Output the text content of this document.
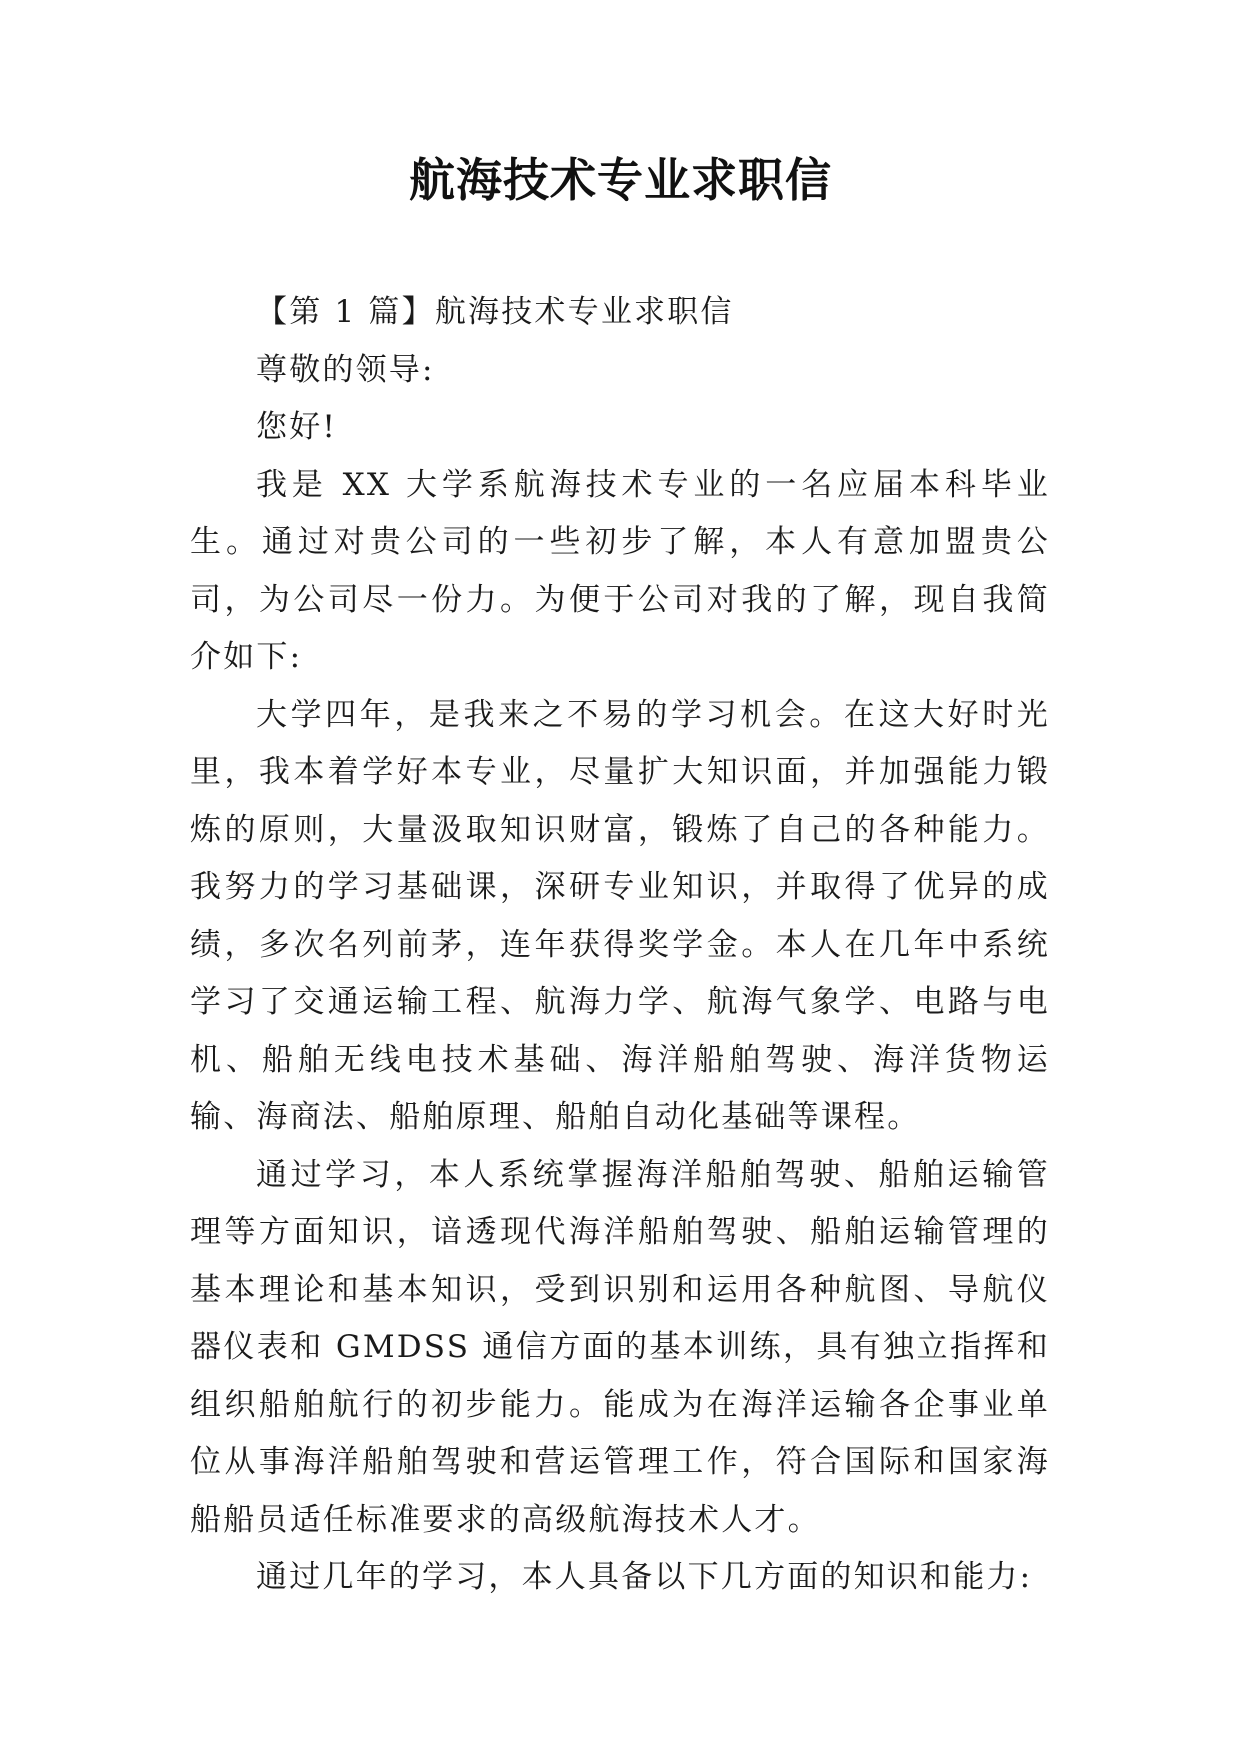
航海技术专业求职信

【第 1 篇】航海技术专业求职信

尊敬的领导:

您好!

我是 XX 大学系航海技术专业的一名应届本科毕业生。通过对贵公司的一些初步了解，本人有意加盟贵公司，为公司尽一份力。为便于公司对我的了解，现自我简介如下:

大学四年，是我来之不易的学习机会。在这大好时光里，我本着学好本专业，尽量扩大知识面，并加强能力锻炼的原则，大量汲取知识财富，锻炼了自己的各种能力。我努力的学习基础课，深研专业知识，并取得了优异的成绩，多次名列前茅，连年获得奖学金。本人在几年中系统学习了交通运输工程、航海力学、航海气象学、电路与电机、船舶无线电技术基础、海洋船舶驾驶、海洋货物运输、海商法、船舶原理、船舶自动化基础等课程。

通过学习，本人系统掌握海洋船舶驾驶、船舶运输管理等方面知识，谙透现代海洋船舶驾驶、船舶运输管理的基本理论和基本知识，受到识别和运用各种航图、导航仪器仪表和 GMDSS 通信方面的基本训练，具有独立指挥和组织船舶航行的初步能力。能成为在海洋运输各企事业单位从事海洋船舶驾驶和营运管理工作，符合国际和国家海船船员适任标准要求的高级航海技术人才。

通过几年的学习，本人具备以下几方面的知识和能力:
